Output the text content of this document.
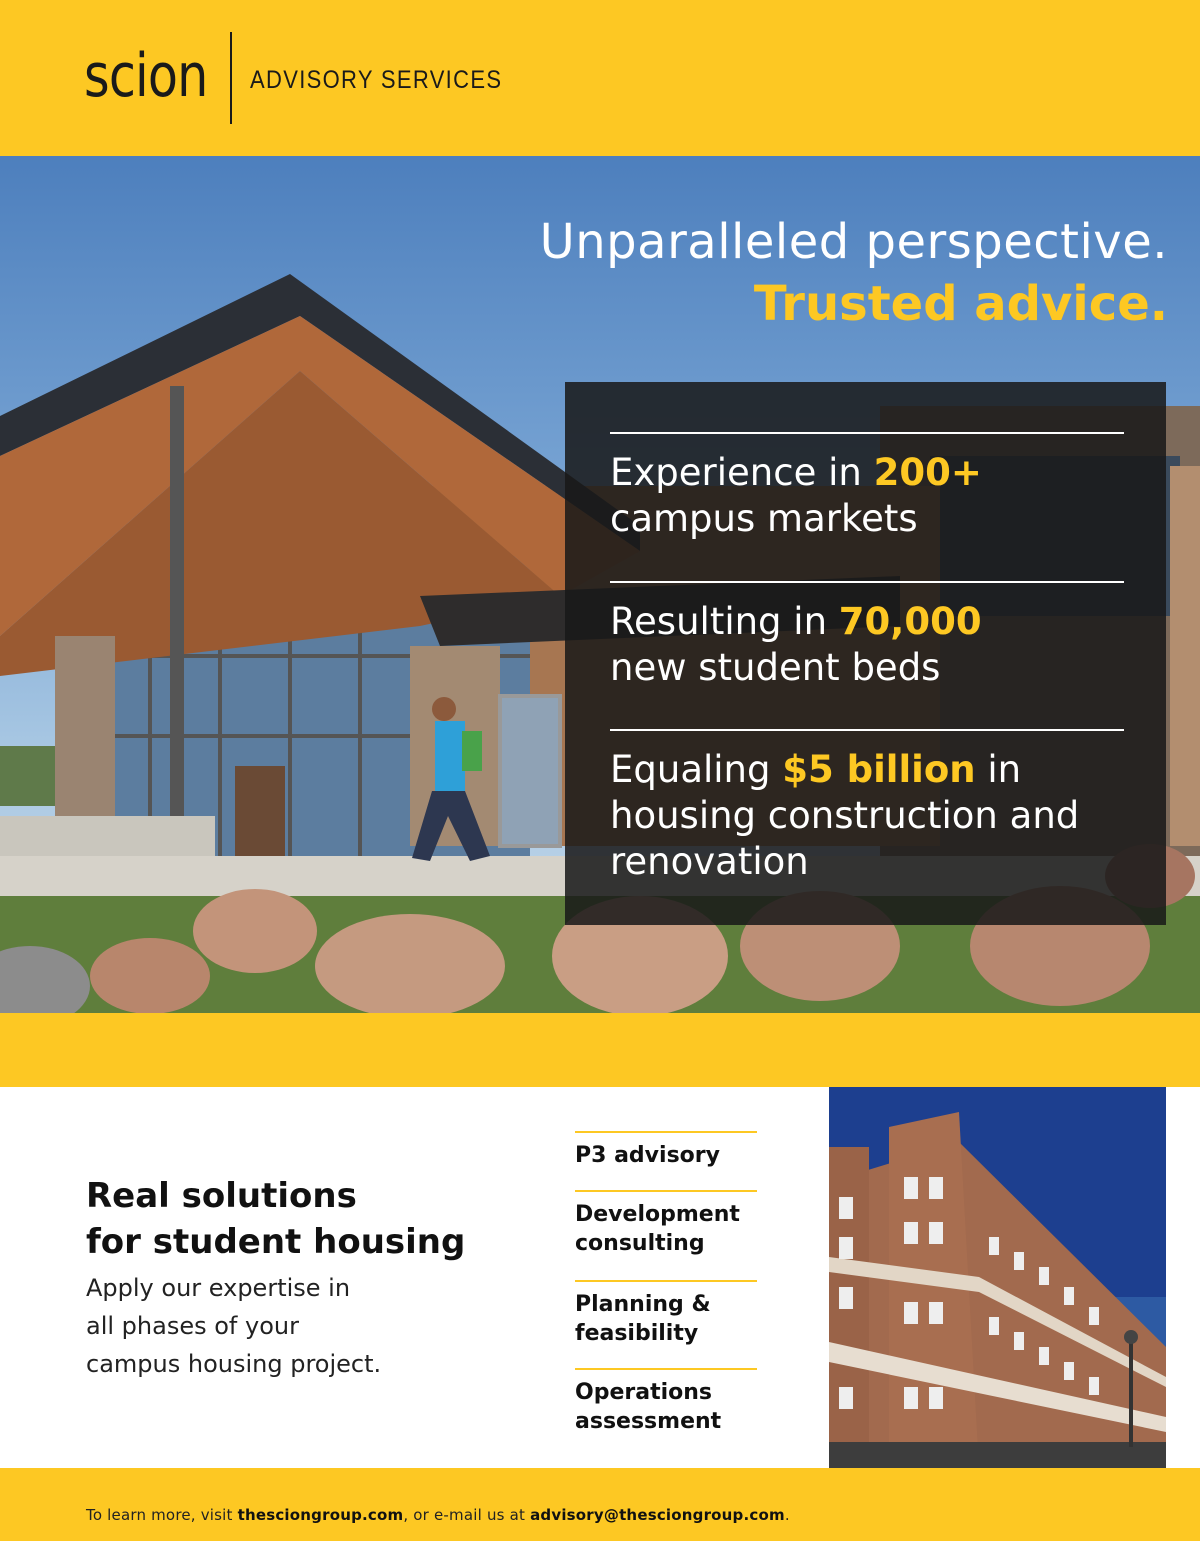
scion ADVISORY SERVICES
Unparalleled perspective.
Trusted advice.
Experience in 200+
campus markets
Resulting in 70,000
new student beds
Equaling $5 billion in housing construction and renovation
Real solutions
for student housing
Apply our expertise in
all phases of your
campus housing project.
P3 advisory
Development consulting
Planning & feasibility
Operations assessment
To learn more, visit thesciongroup.com, or e-mail us at advisory@thesciongroup.com.
